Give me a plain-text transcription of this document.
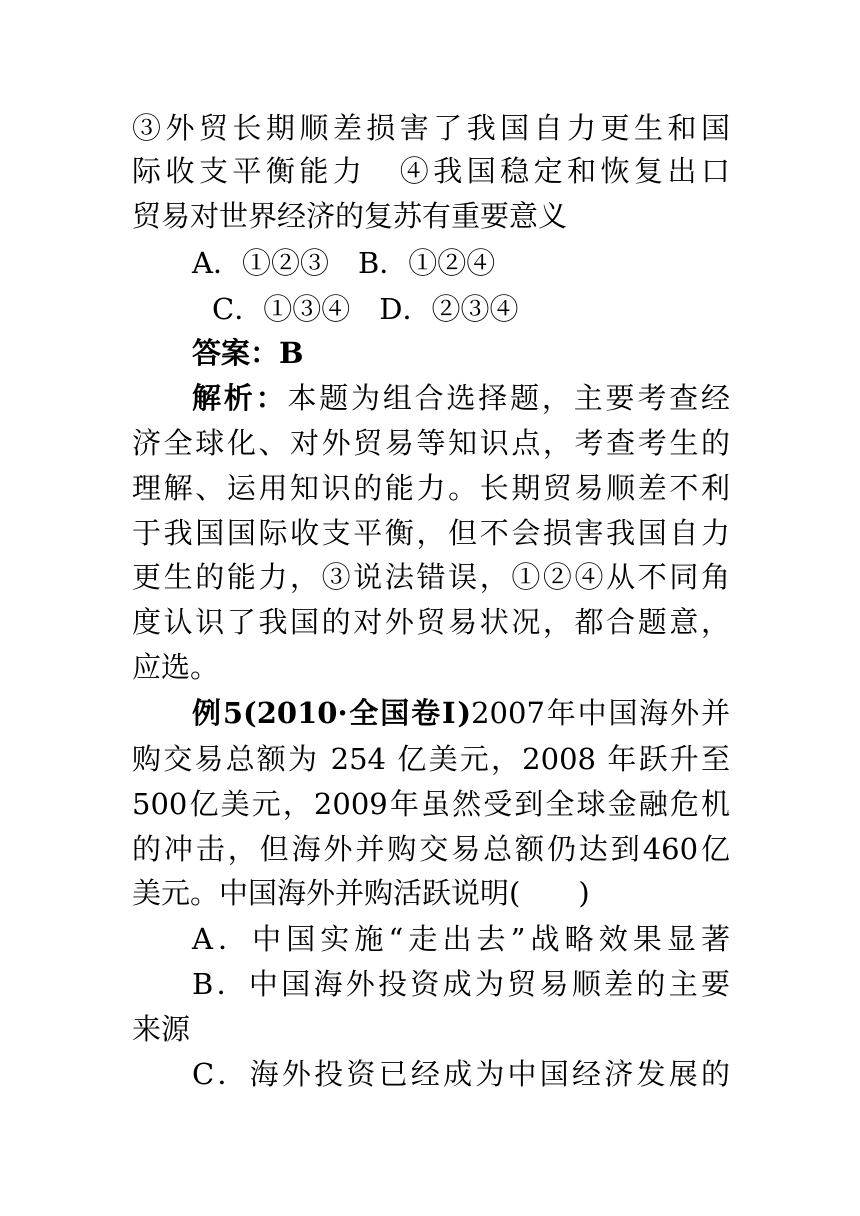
③外贸长期顺差损害了我国自力更生和国
际收支平衡能力　④我国稳定和恢复出口
贸易对世界经济的复苏有重要意义
A．①②③　B．①②④
C．①③④　D．②③④
答案：B
解析：本题为组合选择题，主要考查经
济全球化、对外贸易等知识点，考查考生的
理解、运用知识的能力。长期贸易顺差不利
于我国国际收支平衡，但不会损害我国自力
更生的能力，③说法错误，①②④从不同角
度认识了我国的对外贸易状况，都合题意，
应选。
例5(2010·全国卷Ⅰ)2007年中国海外并
购交易总额为 254 亿美元，2008 年跃升至
500亿美元，2009年虽然受到全球金融危机
的冲击，但海外并购交易总额仍达到460亿
美元。中国海外并购活跃说明(　　)
A．中国实施“走出去”战略效果显著
B．中国海外投资成为贸易顺差的主要
来源
C．海外投资已经成为中国经济发展的
